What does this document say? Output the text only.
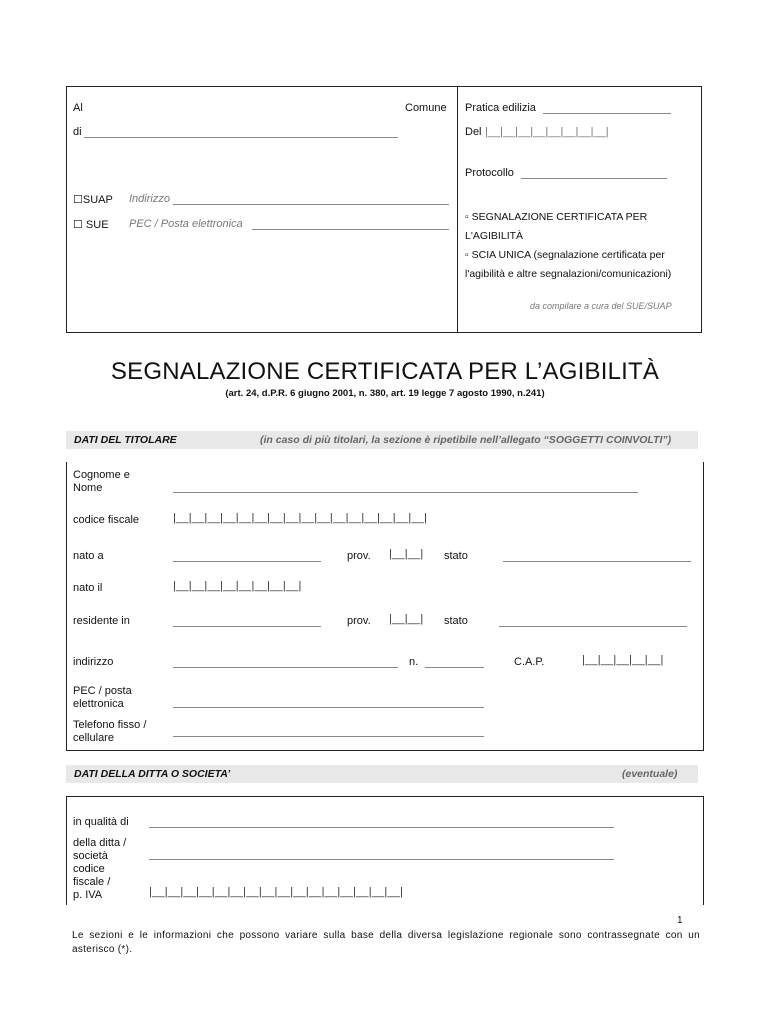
Al	Comune
di
☐SUAP Indirizzo
☐ SUE PEC / Posta elettronica
Pratica edilizia
Del |__|__|__|__|__|__|__|__|
Protocollo
▫ SEGNALAZIONE CERTIFICATA PER
L'AGIBILITÀ
▫ SCIA UNICA (segnalazione certificata per
l'agibilità e altre segnalazioni/comunicazioni)
da compilare a cura del SUE/SUAP
SEGNALAZIONE CERTIFICATA PER L’AGIBILITÀ
(art. 24, d.P.R. 6 giugno 2001, n. 380, art. 19 legge 7 agosto 1990, n.241)
DATI DEL TITOLARE	(in caso di più titolari, la sezione è ripetibile nell’allegato “SOGGETTI COINVOLTI”)
Cognome e Nome
codice fiscale	|__|__|__|__|__|__|__|__|__|__|__|__|__|__|__|__|
nato a	prov. |__|__| stato
nato il	|__|__|__|__|__|__|__|__|
residente in	prov. |__|__| stato
indirizzo	n.	C.A.P.	|__|__|__|__|__|
PEC / posta
elettronica
Telefono fisso /
cellulare
DATI DELLA DITTA O SOCIETA’	(eventuale)
in qualità di
della ditta /
società
codice
fiscale /
p. IVA	|__|__|__|__|__|__|__|__|__|__|__|__|__|__|__|__|
1
Le sezioni e le informazioni che possono variare sulla base della diversa legislazione regionale sono contrassegnate con un asterisco (*).
